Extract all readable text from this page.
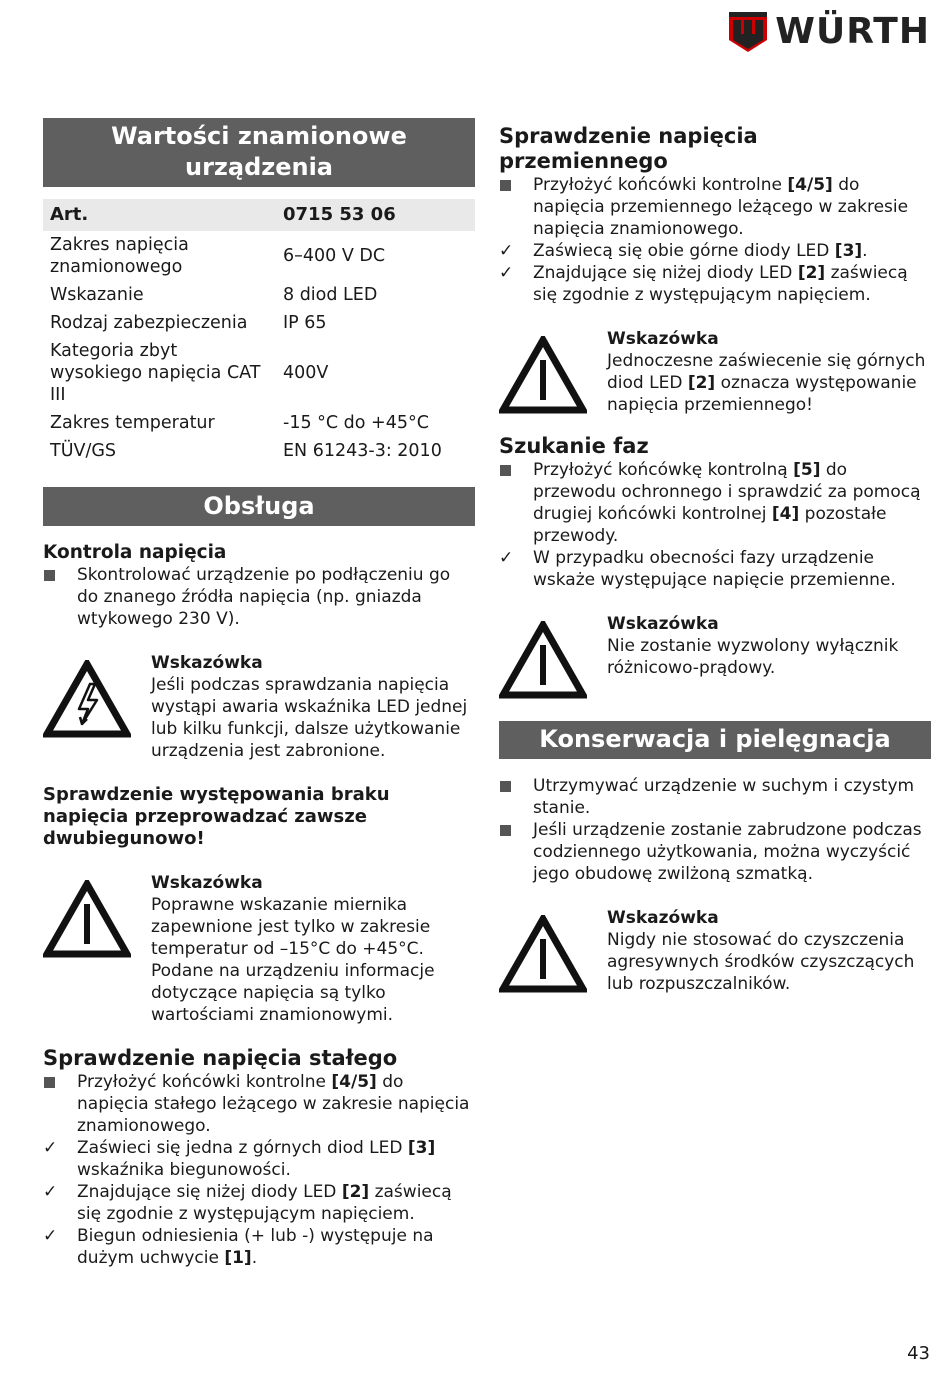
WÜRTH
Wartości znamionowe urządzenia
Art.	0715 53 06
Zakres napięcia znamionowego	6–400 V DC
Wskazanie	8 diod LED
Rodzaj zabezpieczenia	IP 65
Kategoria zbyt wysokiego napięcia CAT III	400V
Zakres temperatur	-15 °C do +45°C
TÜV/GS	EN 61243-3: 2010
Obsługa
Kontrola napięcia
Skontrolować urządzenie po podłączeniu go do znanego źródła napięcia (np. gniazda wtykowego 230 V).
Wskazówka
Jeśli podczas sprawdzania napięcia wystąpi awaria wskaźnika LED jednej lub kilku funkcji, dalsze użytkowanie urządzenia jest zabronione.
Sprawdzenie występowania braku napięcia przeprowadzać zawsze dwubiegunowo!
Wskazówka
Poprawne wskazanie miernika zapewnione jest tylko w zakresie temperatur od –15°C do +45°C.
Podane na urządzeniu informacje dotyczące napięcia są tylko wartościami znamionowymi.
Sprawdzenie napięcia stałego
Przyłożyć końcówki kontrolne [4/5] do napięcia stałego leżącego w zakresie napięcia znamionowego.
✓ Zaświeci się jedna z górnych diod LED [3] wskaźnika biegunowości.
✓ Znajdujące się niżej diody LED [2] zaświecą się zgodnie z występującym napięciem.
✓ Biegun odniesienia (+ lub -) występuje na dużym uchwycie [1].
Sprawdzenie napięcia przemiennego
Przyłożyć końcówki kontrolne [4/5] do napięcia przemiennego leżącego w zakresie napięcia znamionowego.
✓ Zaświecą się obie górne diody LED [3].
✓ Znajdujące się niżej diody LED [2] zaświecą się zgodnie z występującym napięciem.
Wskazówka
Jednoczesne zaświecenie się górnych diod LED [2] oznacza występowanie napięcia przemiennego!
Szukanie faz
Przyłożyć końcówkę kontrolną [5] do przewodu ochronnego i sprawdzić za pomocą drugiej końcówki kontrolnej [4] pozostałe przewody.
✓ W przypadku obecności fazy urządzenie wskaże występujące napięcie przemienne.
Wskazówka
Nie zostanie wyzwolony wyłącznik różnicowo-prądowy.
Konserwacja i pielęgnacja
Utrzymywać urządzenie w suchym i czystym stanie.
Jeśli urządzenie zostanie zabrudzone podczas codziennego użytkowania, można wyczyścić jego obudowę zwilżoną szmatką.
Wskazówka
Nigdy nie stosować do czyszczenia agresywnych środków czyszczących lub rozpuszczalników.
43
